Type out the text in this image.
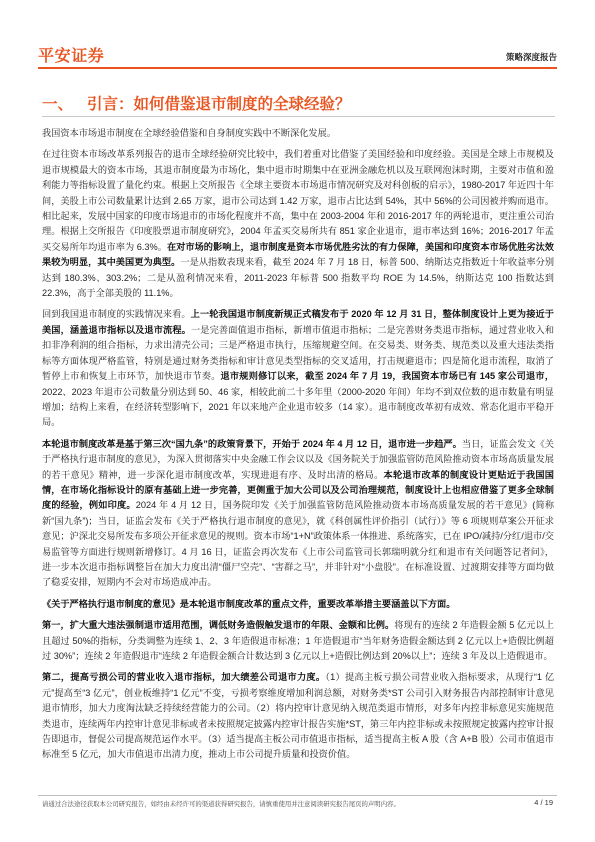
平安证券	策略深度报告
一、 引言：如何借鉴退市制度的全球经验？

我国资本市场退市制度在全球经验借鉴和自身制度实践中不断深化发展。

在过往资本市场改革系列报告的退市全球经验研究比较中，我们着重对比借鉴了美国经验和印度经验。美国是全球上市规模及退市规模最大的资本市场，其退市制度最为市场化，集中退市时期集中在亚洲金融危机以及互联网泡沫时期，主要对市值和盈利能力等指标设置了量化约束。根据上交所报告《全球主要资本市场退市情况研究及对科创板的启示》，1980-2017 年近四十年间，美股上市公司数量累计达到 2.65 万家，退市公司达到 1.42 万家，退市占比达到 54%，其中 56%的公司因被并购而退市。相比起来，发展中国家的印度市场退市的市场化程度并不高，集中在 2003-2004 年和 2016-2017 年的两轮退市，更注重公司治理。根据上交所报告《印度股票退市制度研究》，2004 年孟买交易所共有 851 家企业退市，退市率达到 16%；2016-2017 年孟买交易所年均退市率为 6.3%。在对市场的影响上，退市制度是资本市场优胜劣汰的有力保障，美国和印度资本市场优胜劣汰效果较为明显，其中美国更为典型。一是从指数表现来看，截至 2024 年 7 月 18 日，标普 500、纳斯达克指数近十年收益率分别达到 180.3%、303.2%；二是从盈利情况来看，2011-2023 年标普 500 指数平均 ROE 为 14.5%，纳斯达克 100 指数达到 22.3%，高于全部美股的 11.1%。

回到我国退市制度的实践情况来看。上一轮我国退市制度新规正式稿发布于 2020 年 12 月 31 日，整体制度设计上更为接近于美国，涵盖退市指标以及退市流程。一是完善面值退市指标，新增市值退市指标；二是完善财务类退市指标，通过营业收入和扣非净利润的组合指标，力求出清壳公司；三是严格退市执行，压缩规避空间。在交易类、财务类、规范类以及重大违法类指标等方面体现严格监管，特别是通过财务类指标和审计意见类型指标的交叉适用，打击规避退市；四是简化退市流程，取消了暂停上市和恢复上市环节，加快退市节奏。退市规则修订以来，截至 2024 年 7 月 19，我国资本市场已有 145 家公司退市，2022、2023 年退市公司数量分别达到 50、46 家，相较此前二十多年里（2000-2020 年间）年均不到双位数的退市数量有明显增加；结构上来看，在经济转型影响下，2021 年以来地产企业退市较多（14 家）。退市制度改革初有成效、常态化退市平稳开局。

本轮退市制度改革是基于第三次“国九条”的政策背景下，开始于 2024 年 4 月 12 日，退市进一步趋严。当日，证监会发文《关于严格执行退市制度的意见》，为深入贯彻落实中央金融工作会议以及《国务院关于加强监管防范风险推动资本市场高质量发展的若干意见》精神，进一步深化退市制度改革，实现进退有序、及时出清的格局。本轮退市改革的制度设计更贴近于我国国情，在市场化指标设计的原有基础上进一步完善，更侧重于加大公司以及公司治理规范，制度设计上也相应借鉴了更多全球制度的经验，例如印度。2024 年 4 月 12 日，国务院印发《关于加强监管防范风险推动资本市场高质量发展的若干意见》(简称新“国九条”)；当日，证监会发布《关于严格执行退市制度的意见》，就《科创属性评价指引（试行）》等 6 项规则草案公开征求意见；沪深北交易所发布多项公开征求意见的规则。资本市场“1+N”政策体系一体推进、系统落实，已在 IPO/减持/分红/退市/交易监管等方面进行规则新增修订。4 月 16 日，证监会再次发布《上市公司监管司长郭瑞明就分红和退市有关问题答记者问》，进一步本次退市指标调整旨在加大力度出清“僵尸空壳”、“害群之马”，并非针对“小盘股”。在标准设置、过渡期安排等方面均做了稳妥安排，短期内不会对市场造成冲击。

《关于严格执行退市制度的意见》是本轮退市制度改革的重点文件，重要改革举措主要涵盖以下方面。

第一，扩大重大违法强制退市适用范围，调低财务造假触发退市的年限、金额和比例。将现有的连续 2 年造假金额 5 亿元以上且超过 50%的指标，分类调整为连续 1、2、3 年造假退市标准；1 年造假退市“当年财务造假金额达到 2 亿元以上+造假比例超过 30%”；连续 2 年造假退市“连续 2 年造假金额合计数达到 3 亿元以上+造假比例达到 20%以上”；连续 3 年及以上造假退市。

第二，提高亏损公司的营业收入退市指标，加大绩差公司退市力度。（1）提高主板亏损公司营业收入指标要求，从现行“1 亿元”提高至“3 亿元”，创业板维持“1 亿元”不变，亏损考察维度增加利润总额，对财务类*ST 公司引入财务报告内部控制审计意见退市情形，加大力度淘汰缺乏持续经营能力的公司。（2）将内控审计意见纳入规范类退市情形，对多年内控非标意见实施规范类退市，连续两年内控审计意见非标或者未按照规定披露内控审计报告实施*ST，第三年内控非标或未按照规定披露内控审计报告即退市，督促公司提高规范运作水平。（3）适当提高主板公司市值退市指标，适当提高主板 A 股（含 A+B 股）公司市值退市标准至 5 亿元，加大市值退市出清力度，推动上市公司提升质量和投资价值。

请通过合法途径获取本公司研究报告，如经由未经许可的渠道获得研究报告，请慎重使用并注意阅读研究报告尾页的声明内容。	4 / 19
